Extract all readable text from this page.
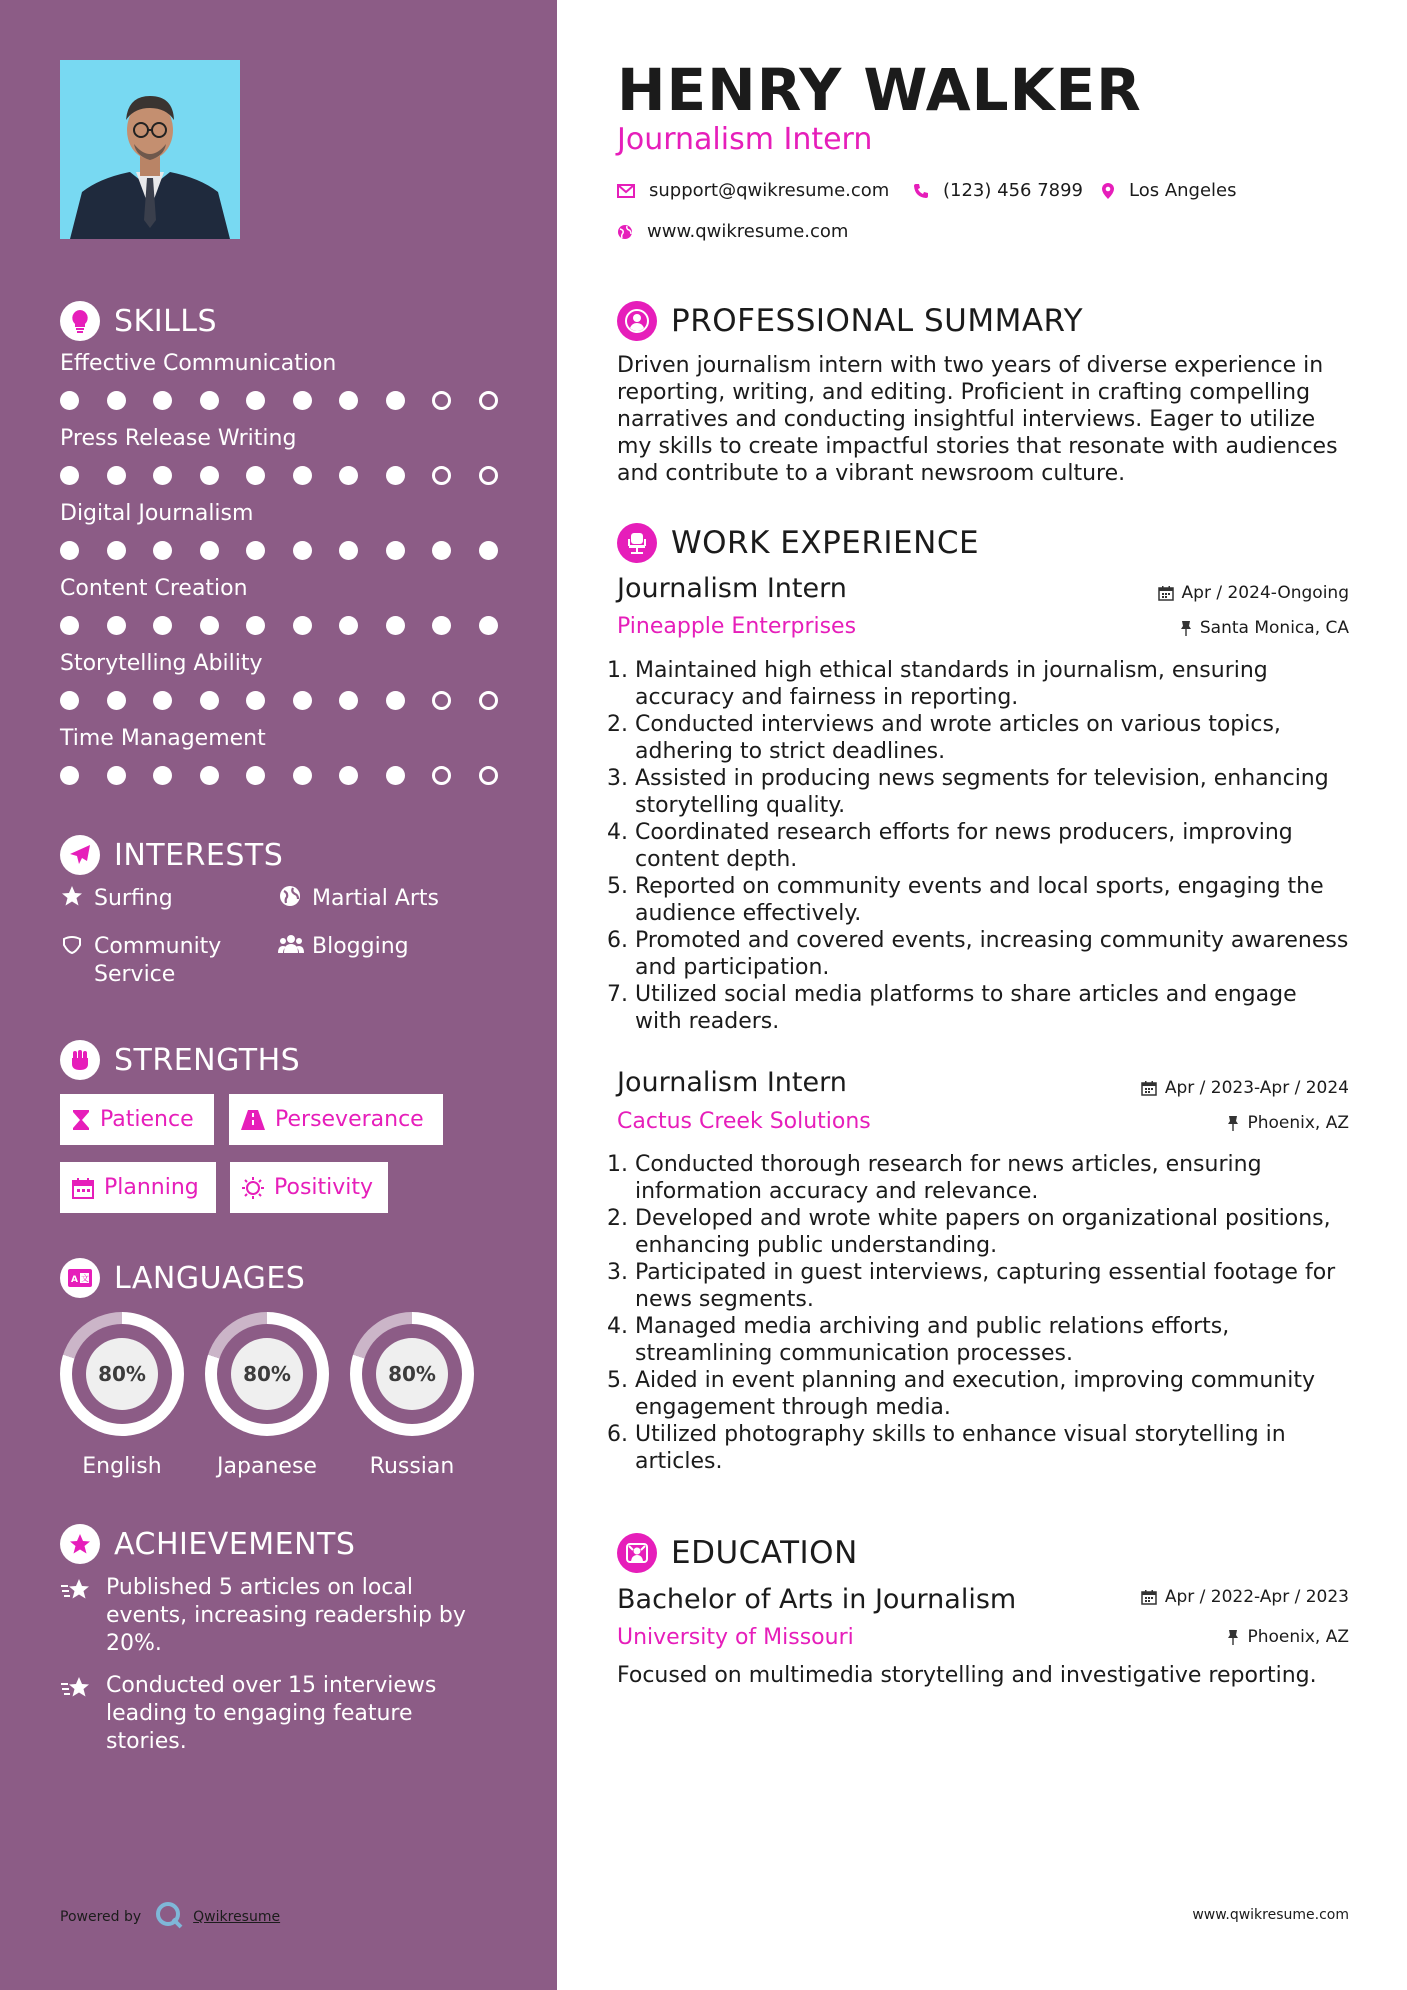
SKILLS
Effective Communication
Press Release Writing
Digital Journalism
Content Creation
Storytelling Ability
Time Management
INTERESTS
Surfing	Martial Arts
Community Service
Blogging
STRENGTHS
Patience	Perseverance
Planning	Positivity
A 文 LANGUAGES
80%
English
80%
Japanese
80%
Russian
ACHIEVEMENTS
Published 5 articles on local events, increasing readership by 20%.
Conducted over 15 interviews leading to engaging feature stories.
Powered by	Qwikresume
HENRY WALKER
Journalism Intern
support@qwikresume.com	(123) 456 7899	Los Angeles
www.qwikresume.com
PROFESSIONAL SUMMARY
Driven journalism intern with two years of diverse experience in reporting, writing, and editing. Proficient in crafting compelling narratives and conducting insightful interviews. Eager to utilize my skills to create impactful stories that resonate with audiences and contribute to a vibrant newsroom culture.
WORK EXPERIENCE
Journalism Intern	Apr / 2024-Ongoing
Pineapple Enterprises	Santa Monica, CA
1. Maintained high ethical standards in journalism, ensuring accuracy and fairness in reporting.
2. Conducted interviews and wrote articles on various topics, adhering to strict deadlines.
3. Assisted in producing news segments for television, enhancing storytelling quality.
4. Coordinated research efforts for news producers, improving content depth.
5. Reported on community events and local sports, engaging the audience effectively.
6. Promoted and covered events, increasing community awareness and participation.
7. Utilized social media platforms to share articles and engage with readers.
Journalism Intern	Apr / 2023-Apr / 2024
Cactus Creek Solutions	Phoenix, AZ
1. Conducted thorough research for news articles, ensuring information accuracy and relevance.
2. Developed and wrote white papers on organizational positions, enhancing public understanding.
3. Participated in guest interviews, capturing essential footage for news segments.
4. Managed media archiving and public relations efforts, streamlining communication processes.
5. Aided in event planning and execution, improving community engagement through media.
6. Utilized photography skills to enhance visual storytelling in articles.
EDUCATION
Bachelor of Arts in Journalism	Apr / 2022-Apr / 2023
University of Missouri	Phoenix, AZ
Focused on multimedia storytelling and investigative reporting.
www.qwikresume.com
